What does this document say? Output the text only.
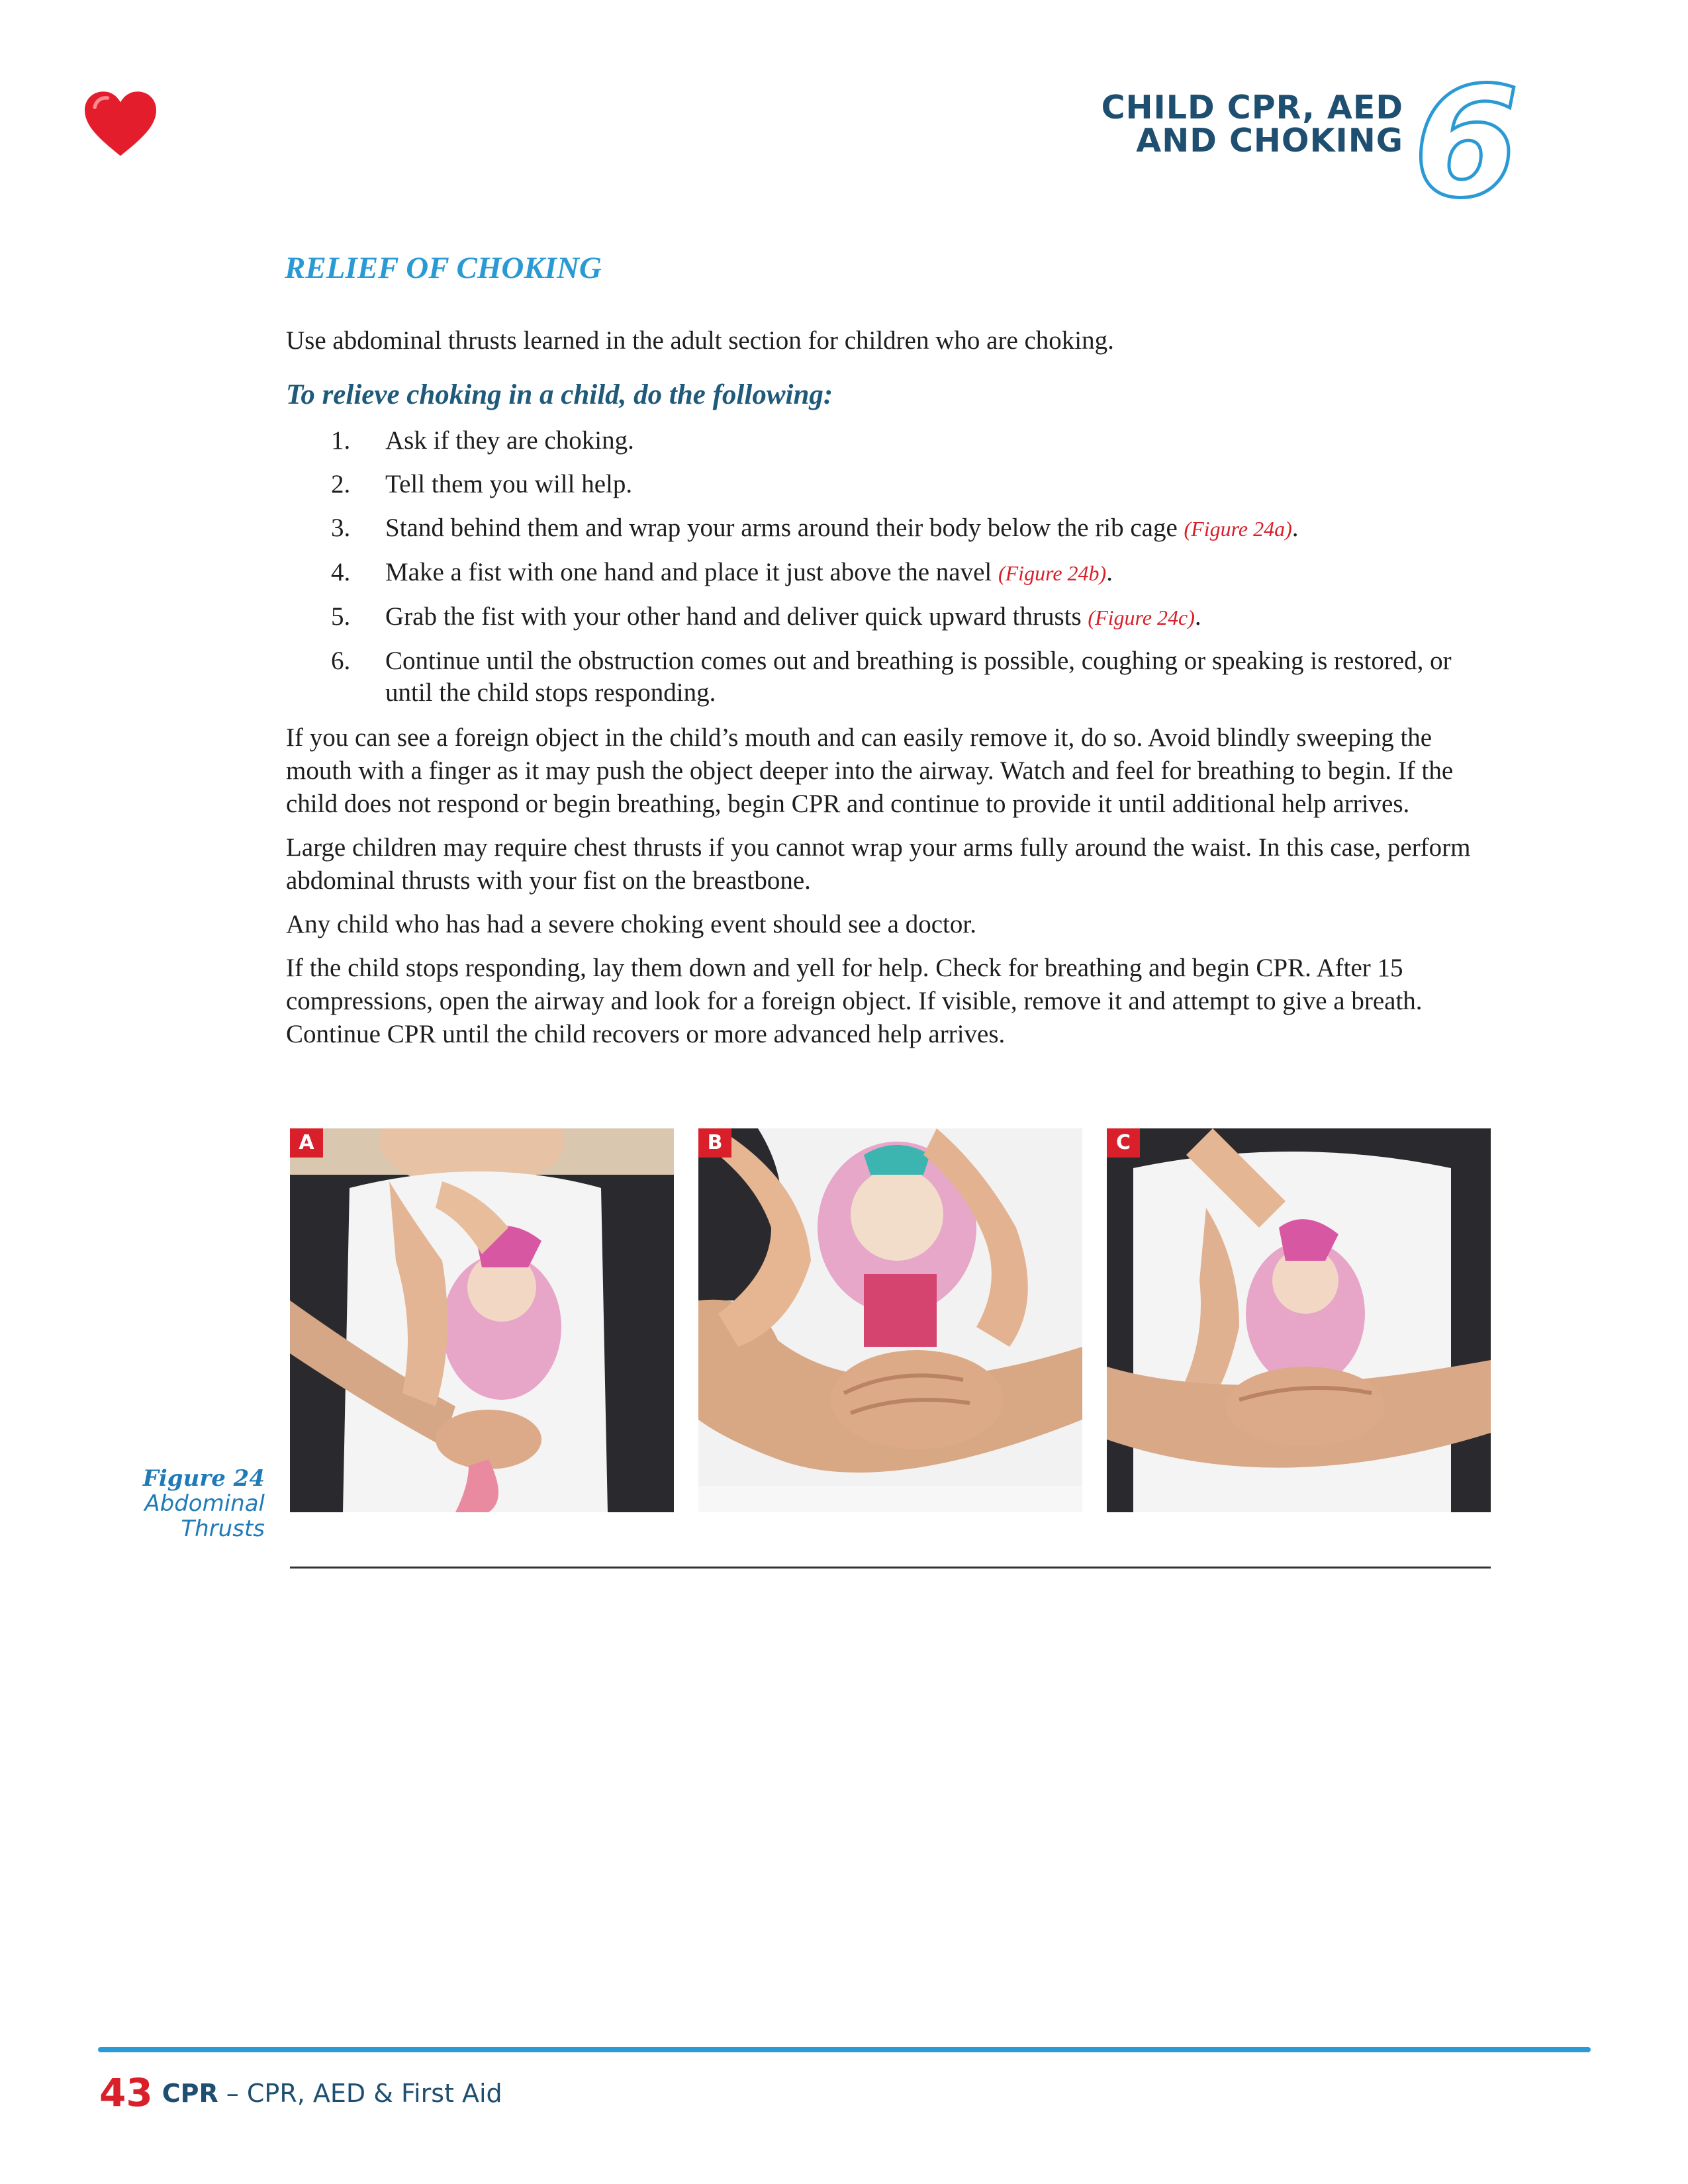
CHILD CPR, AED
AND CHOKING 6
RELIEF OF CHOKING
Use abdominal thrusts learned in the adult section for children who are choking.
To relieve choking in a child, do the following:
1. Ask if they are choking.
2. Tell them you will help.
3. Stand behind them and wrap your arms around their body below the rib cage (Figure 24a).
4. Make a fist with one hand and place it just above the navel (Figure 24b).
5. Grab the fist with your other hand and deliver quick upward thrusts (Figure 24c).
6. Continue until the obstruction comes out and breathing is possible, coughing or speaking is restored, or until the child stops responding.

If you can see a foreign object in the child’s mouth and can easily remove it, do so. Avoid blindly sweeping the mouth with a finger as it may push the object deeper into the airway. Watch and feel for breathing to begin. If the child does not respond or begin breathing, begin CPR and continue to provide it until additional help arrives.

Large children may require chest thrusts if you cannot wrap your arms fully around the waist. In this case, perform abdominal thrusts with your fist on the breastbone.

Any child who has had a severe choking event should see a doctor.

If the child stops responding, lay them down and yell for help. Check for breathing and begin CPR. After 15 compressions, open the airway and look for a foreign object. If visible, remove it and attempt to give a breath. Continue CPR until the child recovers or more advanced help arrives.

A	B	C
Figure 24
Abdominal
Thrusts
43 CPR – CPR, AED & First Aid
